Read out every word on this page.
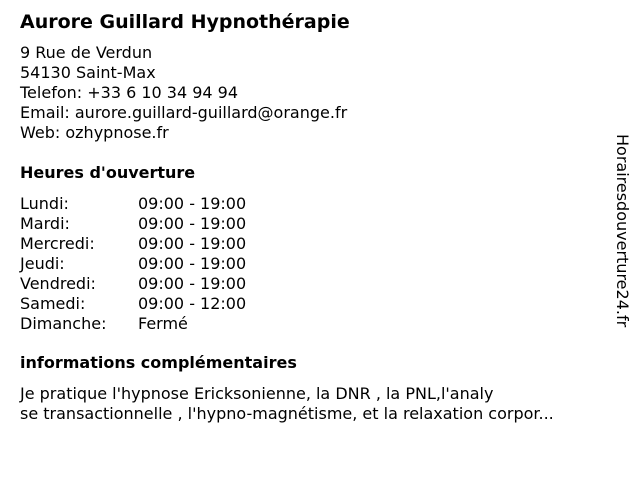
Aurore Guillard Hypnothérapie
9 Rue de Verdun
54130 Saint-Max
Telefon: +33 6 10 34 94 94
Email: aurore.guillard-guillard@orange.fr
Web: ozhypnose.fr
Heures d'ouverture
Lundi:	09:00 - 19:00
Mardi:	09:00 - 19:00
Mercredi:	09:00 - 19:00
Jeudi:	09:00 - 19:00
Vendredi:	09:00 - 19:00
Samedi:	09:00 - 12:00
Dimanche:	Fermé
informations complémentaires
Je pratique l'hypnose Ericksonienne, la DNR , la PNL,l'analy
se transactionnelle , l'hypno-magnétisme, et la relaxation corpor...
Horairesdouverture24.fr
